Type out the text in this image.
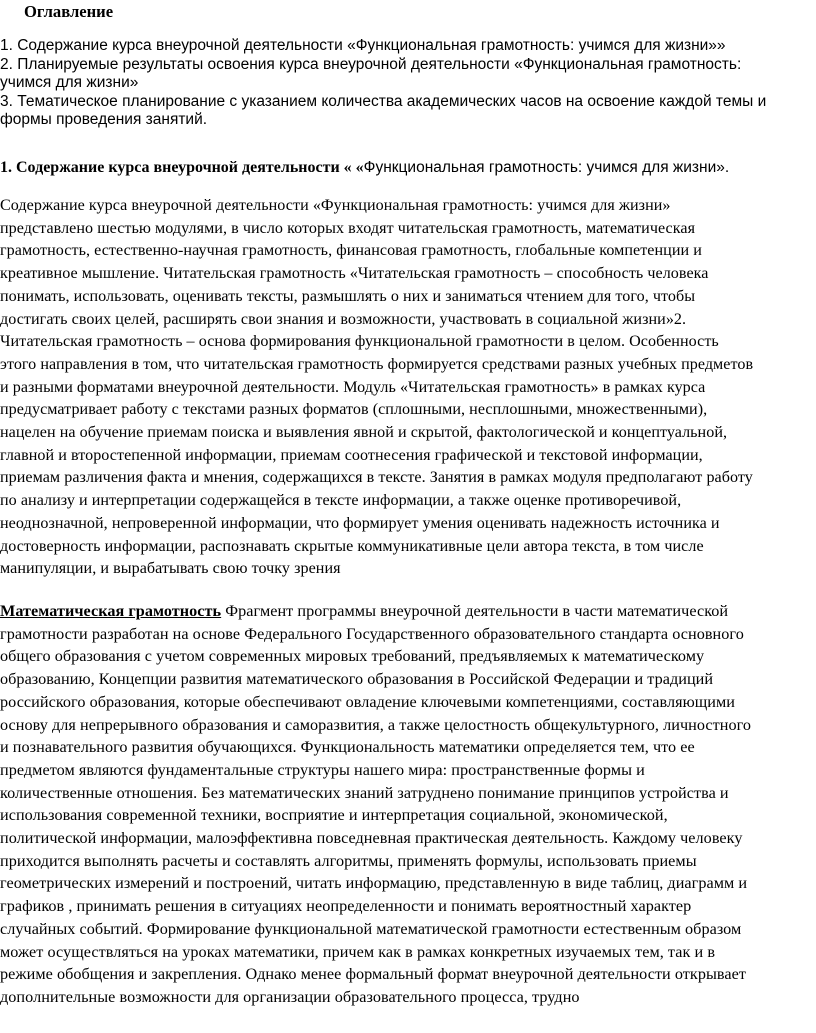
Оглавление
1. Содержание курса внеурочной деятельности «Функциональная грамотность: учимся для жизни»»
2. Планируемые результаты освоения курса внеурочной деятельности «Функциональная грамотность:
учимся для жизни»
3. Тематическое планирование с указанием количества академических часов на освоение каждой темы и
формы проведения занятий.
1. Содержание курса внеурочной деятельности « «Функциональная грамотность: учимся для жизни».

Содержание курса внеурочной деятельности «Функциональная грамотность: учимся для жизни»
представлено шестью модулями, в число которых входят читательская грамотность, математическая
грамотность, естественно-научная грамотность, финансовая грамотность, глобальные компетенции и
креативное мышление. Читательская грамотность «Читательская грамотность – способность человека
понимать, использовать, оценивать тексты, размышлять о них и заниматься чтением для того, чтобы
достигать своих целей, расширять свои знания и возможности, участвовать в социальной жизни»2.
Читательская грамотность – основа формирования функциональной грамотности в целом. Особенность
этого направления в том, что читательская грамотность формируется средствами разных учебных предметов
и разными форматами внеурочной деятельности. Модуль «Читательская грамотность» в рамках курса
предусматривает работу с текстами разных форматов (сплошными, несплошными, множественными),
нацелен на обучение приемам поиска и выявления явной и скрытой, фактологической и концептуальной,
главной и второстепенной информации, приемам соотнесения графической и текстовой информации,
приемам различения факта и мнения, содержащихся в тексте. Занятия в рамках модуля предполагают работу
по анализу и интерпретации содержащейся в тексте информации, а также оценке противоречивой,
неоднозначной, непроверенной информации, что формирует умения оценивать надежность источника и
достоверность информации, распознавать скрытые коммуникативные цели автора текста, в том числе
манипуляции, и вырабатывать свою точку зрения

Математическая грамотность Фрагмент программы внеурочной деятельности в части математической
грамотности разработан на основе Федерального Государственного образовательного стандарта основного
общего образования с учетом современных мировых требований, предъявляемых к математическому
образованию, Концепции развития математического образования в Российской Федерации и традиций
российского образования, которые обеспечивают овладение ключевыми компетенциями, составляющими
основу для непрерывного образования и саморазвития, а также целостность общекультурного, личностного
и познавательного развития обучающихся. Функциональность математики определяется тем, что ее
предметом являются фундаментальные структуры нашего мира: пространственные формы и
количественные отношения. Без математических знаний затруднено понимание принципов устройства и
использования современной техники, восприятие и интерпретация социальной, экономической,
политической информации, малоэффективна повседневная практическая деятельность. Каждому человеку
приходится выполнять расчеты и составлять алгоритмы, применять формулы, использовать приемы
геометрических измерений и построений, читать информацию, представленную в виде таблиц, диаграмм и
графиков , принимать решения в ситуациях неопределенности и понимать вероятностный характер
случайных событий. Формирование функциональной математической грамотности естественным образом
может осуществляться на уроках математики, причем как в рамках конкретных изучаемых тем, так и в
режиме обобщения и закрепления. Однако менее формальный формат внеурочной деятельности открывает
дополнительные возможности для организации образовательного процесса, трудно
